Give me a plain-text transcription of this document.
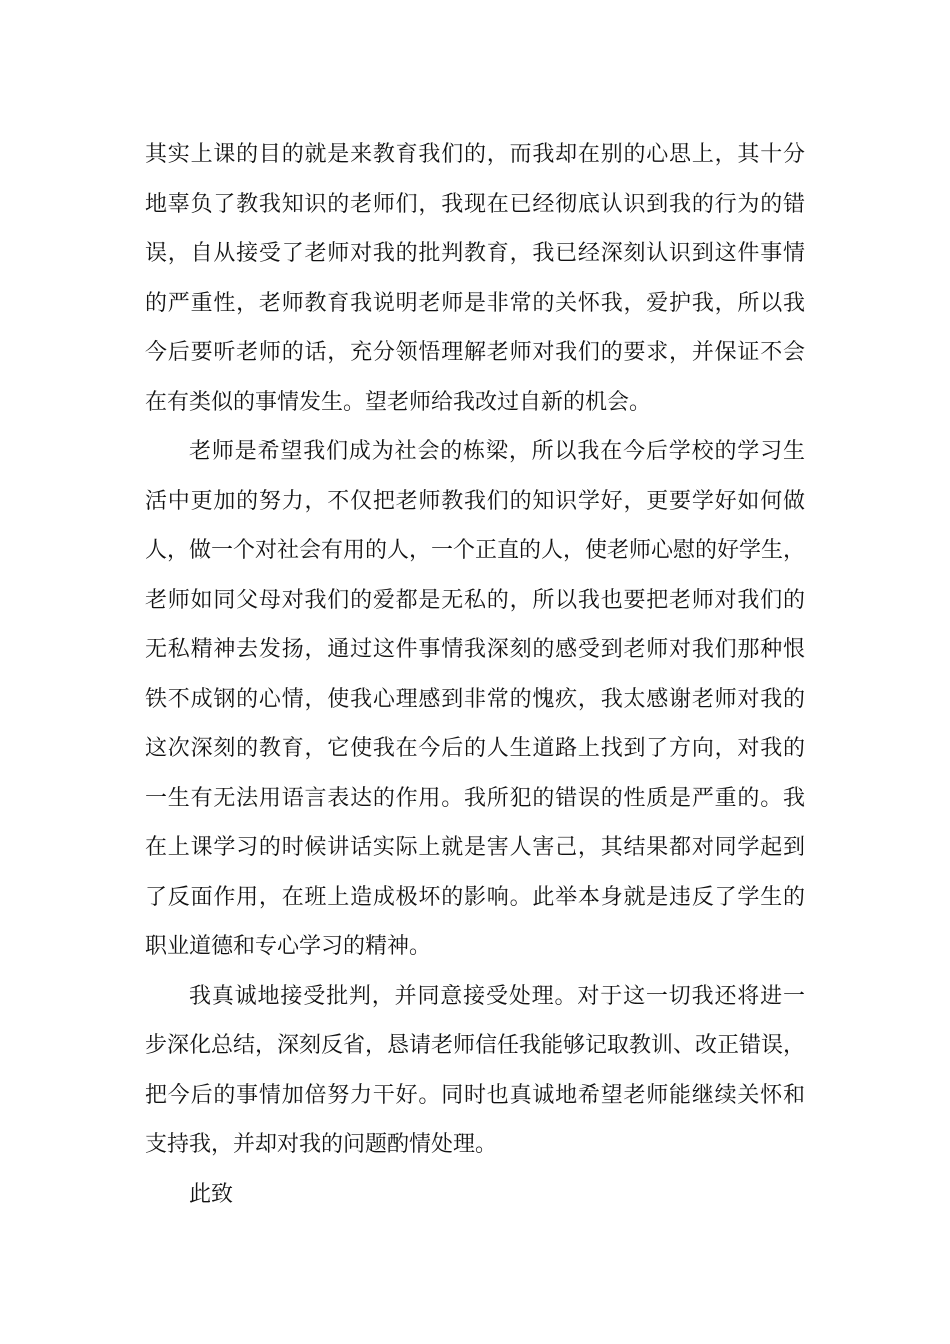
其实上课的目的就是来教育我们的，而我却在别的心思上，其十分
地辜负了教我知识的老师们，我现在已经彻底认识到我的行为的错
误，自从接受了老师对我的批判教育，我已经深刻认识到这件事情
的严重性，老师教育我说明老师是非常的关怀我，爱护我，所以我
今后要听老师的话，充分领悟理解老师对我们的要求，并保证不会
在有类似的事情发生。望老师给我改过自新的机会。
老师是希望我们成为社会的栋梁，所以我在今后学校的学习生
活中更加的努力，不仅把老师教我们的知识学好，更要学好如何做
人，做一个对社会有用的人，一个正直的人，使老师心慰的好学生，
老师如同父母对我们的爱都是无私的，所以我也要把老师对我们的
无私精神去发扬，通过这件事情我深刻的感受到老师对我们那种恨
铁不成钢的心情，使我心理感到非常的愧疚，我太感谢老师对我的
这次深刻的教育，它使我在今后的人生道路上找到了方向，对我的
一生有无法用语言表达的作用。我所犯的错误的性质是严重的。我
在上课学习的时候讲话实际上就是害人害己，其结果都对同学起到
了反面作用，在班上造成极坏的影响。此举本身就是违反了学生的
职业道德和专心学习的精神。
我真诚地接受批判，并同意接受处理。对于这一切我还将进一
步深化总结，深刻反省，恳请老师信任我能够记取教训、改正错误，
把今后的事情加倍努力干好。同时也真诚地希望老师能继续关怀和
支持我，并却对我的问题酌情处理。
此致
